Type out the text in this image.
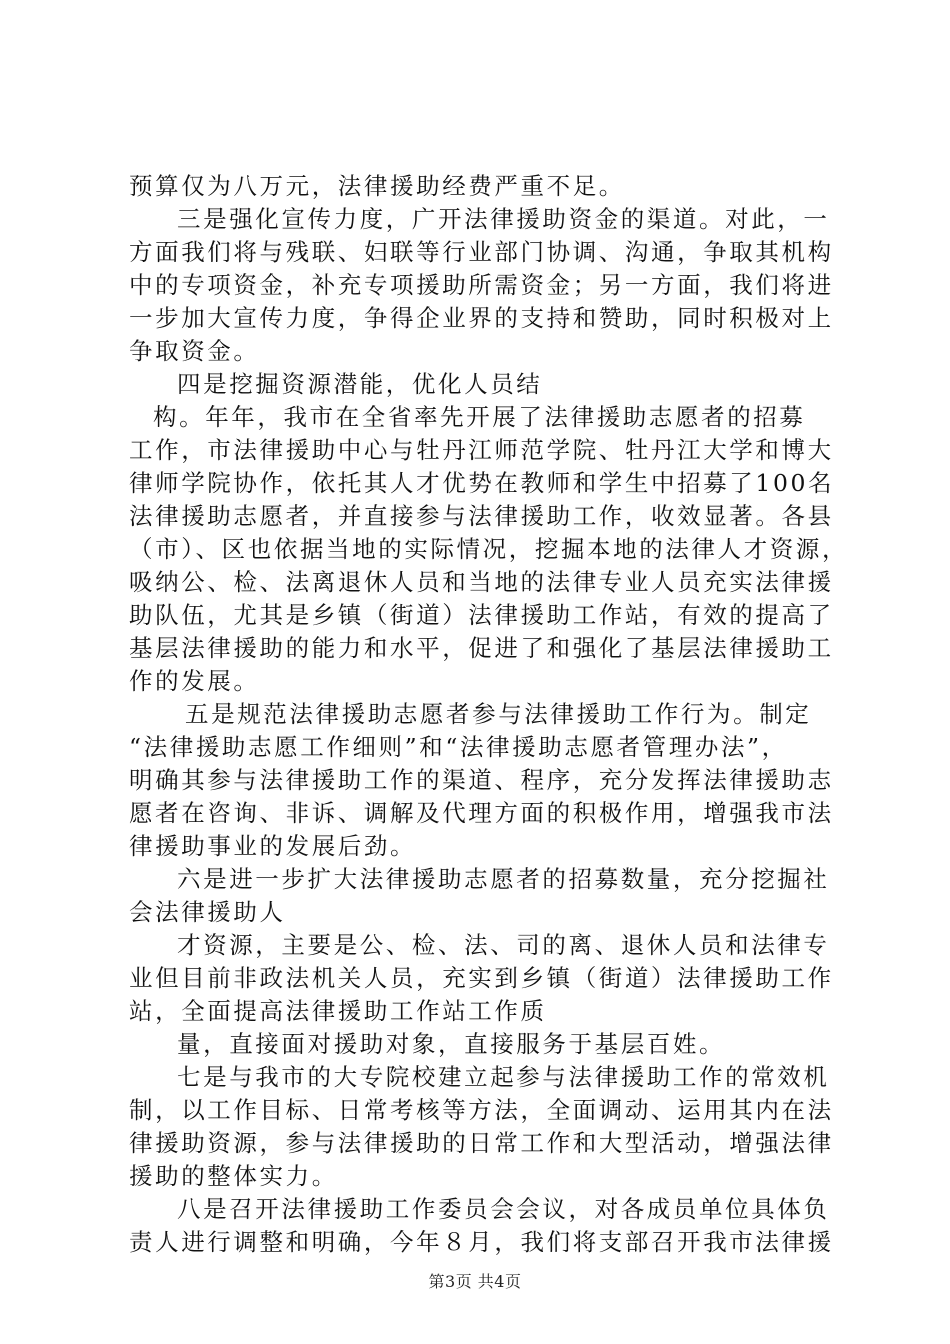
预算仅为八万元，法律援助经费严重不足。
三是强化宣传力度，广开法律援助资金的渠道。对此，一
方面我们将与残联、妇联等行业部门协调、沟通，争取其机构
中的专项资金，补充专项援助所需资金；另一方面，我们将进
一步加大宣传力度，争得企业界的支持和赞助，同时积极对上
争取资金。
四是挖掘资源潜能，优化人员结
构。年年，我市在全省率先开展了法律援助志愿者的招募
工作，市法律援助中心与牡丹江师范学院、牡丹江大学和博大
律师学院协作，依托其人才优势在教师和学生中招募了100名
法律援助志愿者，并直接参与法律援助工作，收效显著。各县
（市）、区也依据当地的实际情况，挖掘本地的法律人才资源，
吸纳公、检、法离退休人员和当地的法律专业人员充实法律援
助队伍，尤其是乡镇（街道）法律援助工作站，有效的提高了
基层法律援助的能力和水平，促进了和强化了基层法律援助工
作的发展。
五是规范法律援助志愿者参与法律援助工作行为。制定
“法律援助志愿工作细则”和“法律援助志愿者管理办法”，
明确其参与法律援助工作的渠道、程序，充分发挥法律援助志
愿者在咨询、非诉、调解及代理方面的积极作用，增强我市法
律援助事业的发展后劲。
六是进一步扩大法律援助志愿者的招募数量，充分挖掘社
会法律援助人
才资源，主要是公、检、法、司的离、退休人员和法律专
业但目前非政法机关人员，充实到乡镇（街道）法律援助工作
站，全面提高法律援助工作站工作质
量，直接面对援助对象，直接服务于基层百姓。
七是与我市的大专院校建立起参与法律援助工作的常效机
制，以工作目标、日常考核等方法，全面调动、运用其内在法
律援助资源，参与法律援助的日常工作和大型活动，增强法律
援助的整体实力。
八是召开法律援助工作委员会会议，对各成员单位具体负
责人进行调整和明确，今年８月，我们将支部召开我市法律援
第3页 共4页
